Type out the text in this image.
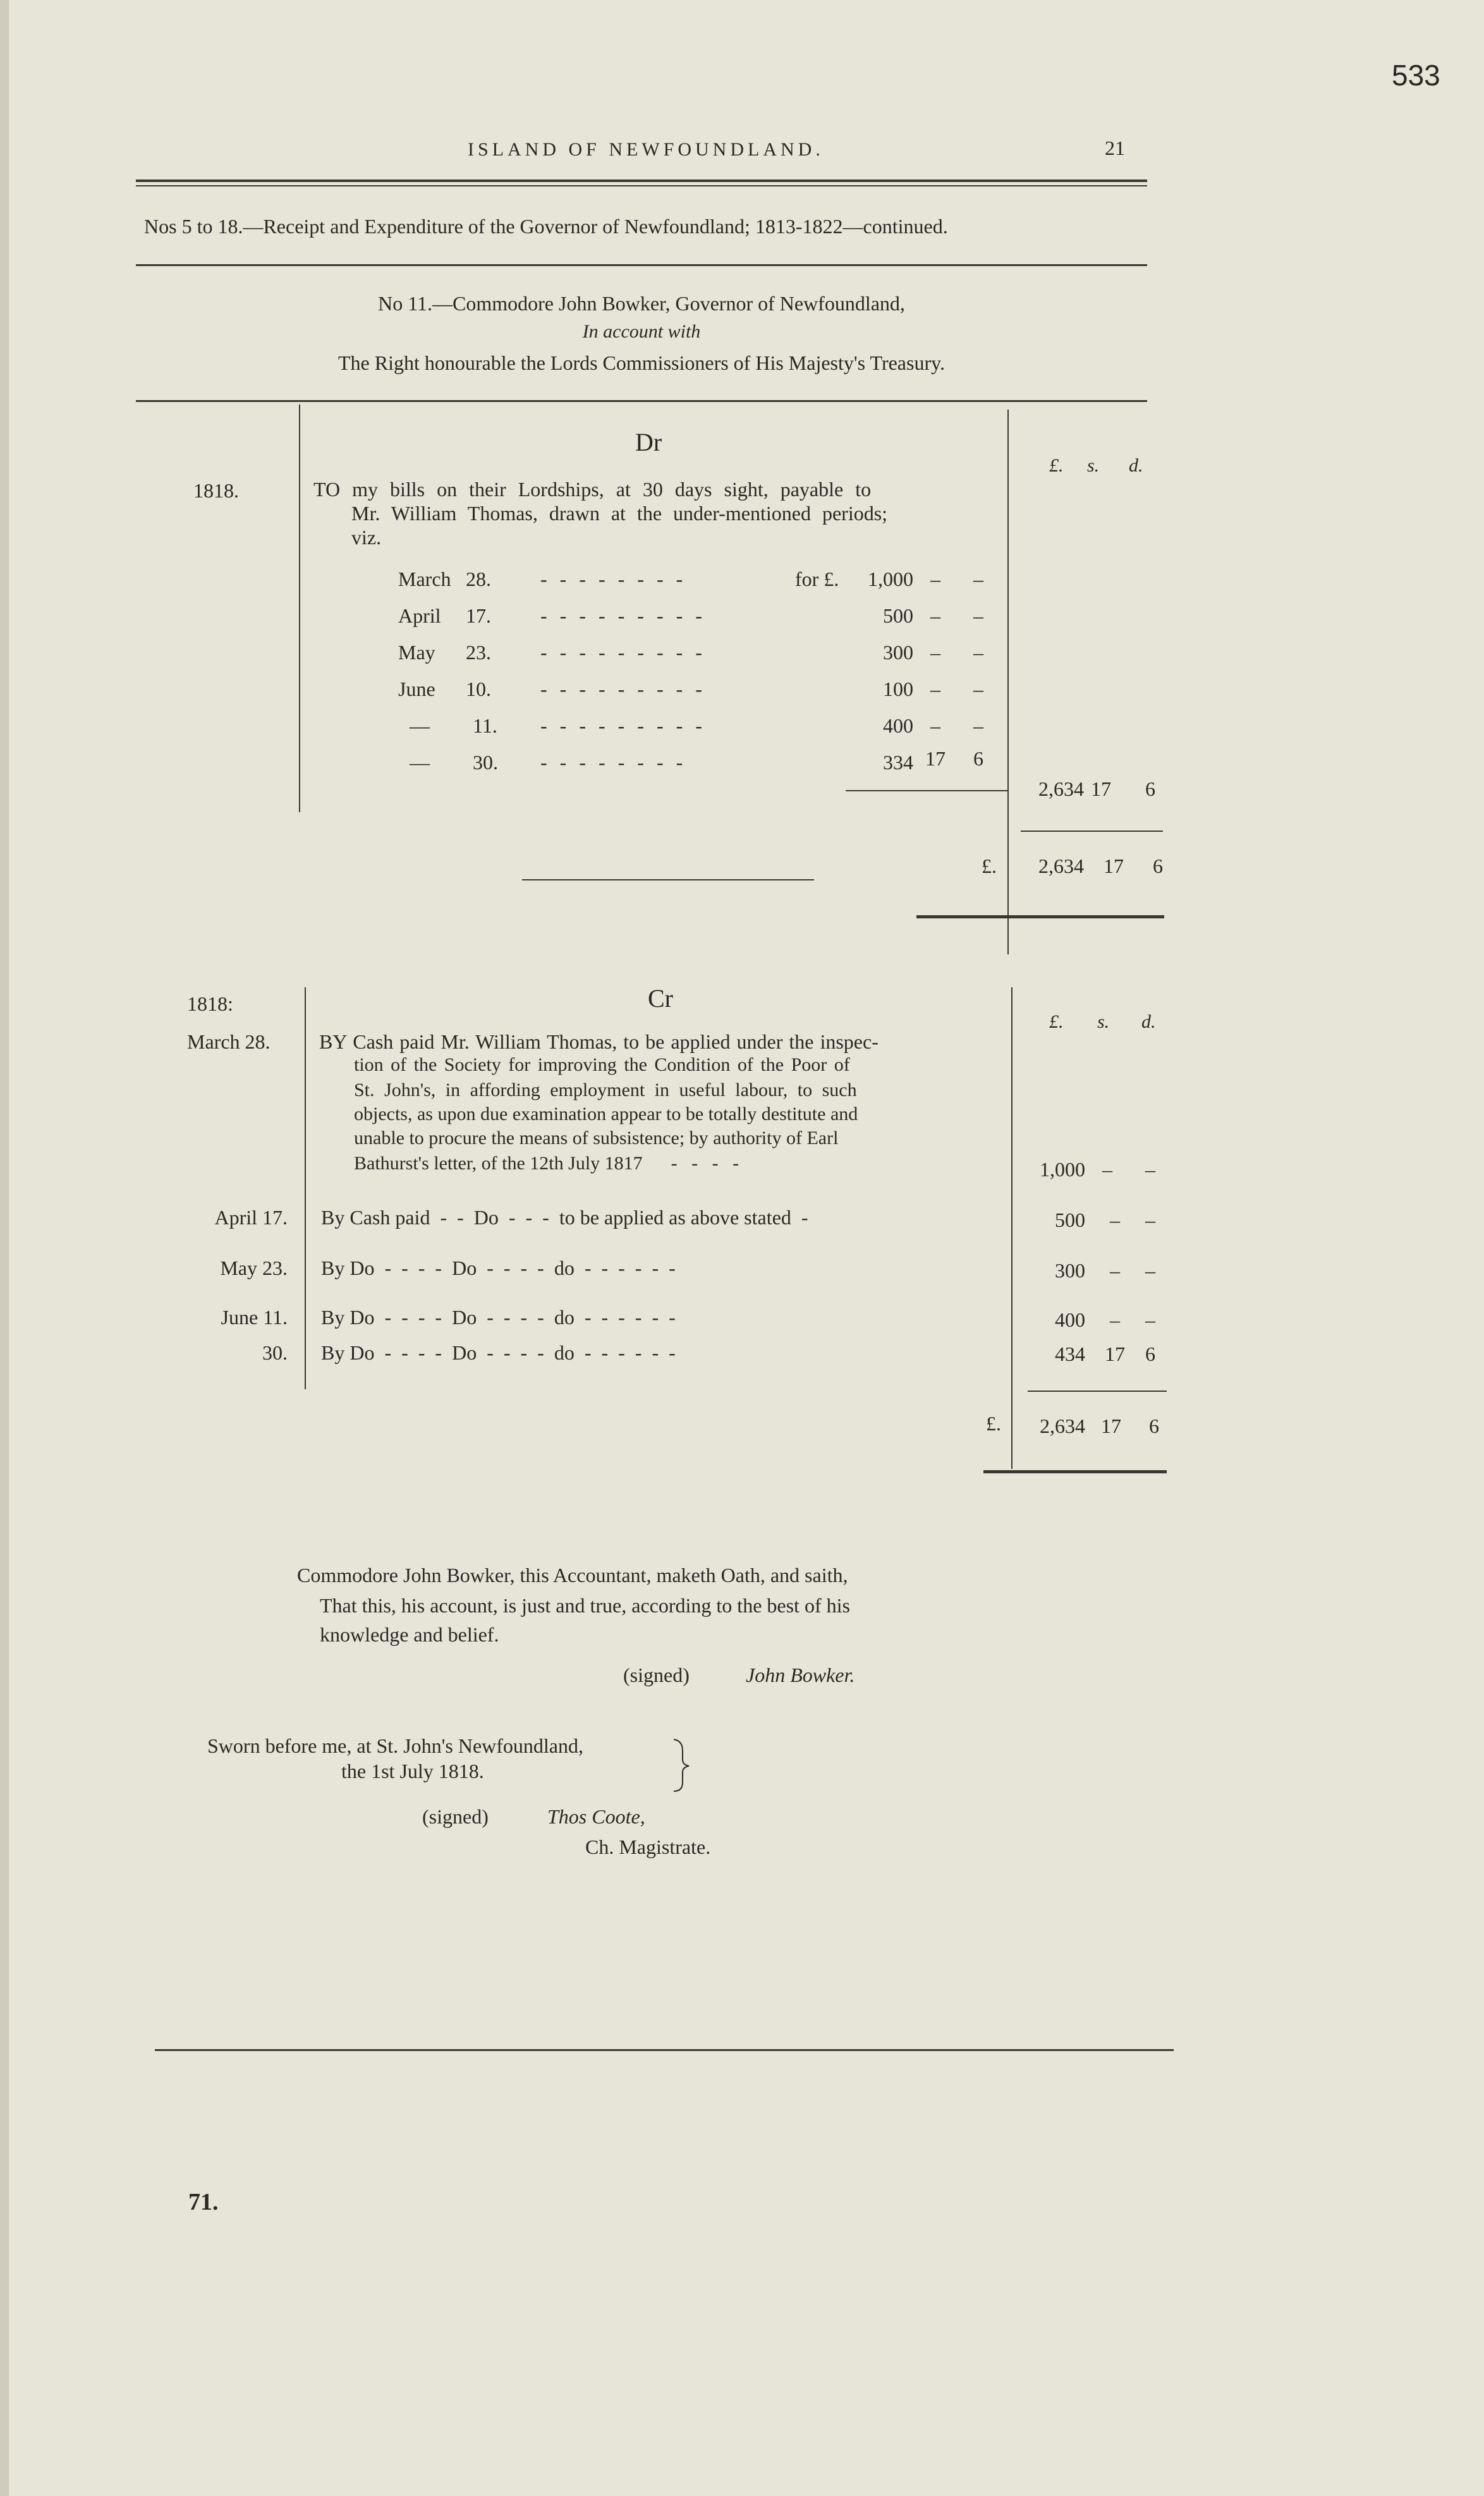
533
ISLAND OF NEWFOUNDLAND.	21
Nos 5 to 18.—Receipt and Expenditure of the Governor of Newfoundland; 1813-1822—continued.
No 11.—Commodore John Bowker, Governor of Newfoundland,
In account with
The Right honourable the Lords Commissioners of His Majesty's Treasury.
Dr
£. s. d.
1818.	TO my bills on their Lordships, at 30 days sight, payable to
Mr. William Thomas, drawn at the under-mentioned periods;
viz.
March 28. - - - - - - - -	for £.	1,000 –	–
April 17. - - - - - - - - -	500 –	–
May 23. - - - - - - - - -	300 –	–
June 10. - - - - - - - - -	100 –	–
— 11. - - - - - - - - -	400 –	–
— 30. - - - - - - - -	334 17	6
2,634 17	6
£.	2,634 17	6
Cr
1818:
£. s. d.
March 28. BY Cash paid Mr. William Thomas, to be applied under the inspec-
tion of the Society for improving the Condition of the Poor of
St. John's, in affording employment in useful labour, to such
objects, as upon due examination appear to be totally destitute and
unable to procure the means of subsistence; by authority of Earl
Bathurst's letter, of the 12th July 1817      -   -   -   -	1,000 –	–
April 17. By Cash paid  -  -  Do  -  -  -  to be applied as above stated  -	500	–	–
May 23. By Do  -  -  -  -  Do  -  -  -  -  do  -  -  -  -  -  -	300	–	–
June 11. By Do  -  -  -  -  Do  -  -  -  -  do  -  -  -  -  -  -	400	–	–
30. By Do  -  -  -  -  Do  -  -  -  -  do  -  -  -  -  -  -	434 17	6
£.	2,634 17	6
Commodore John Bowker, this Accountant, maketh Oath, and saith,
That this, his account, is just and true, according to the best of his
knowledge and belief.
(signed)	John Bowker.
Sworn before me, at St. John's Newfoundland,
the 1st July 1818.
(signed)	Thos Coote,
Ch. Magistrate.
71.
